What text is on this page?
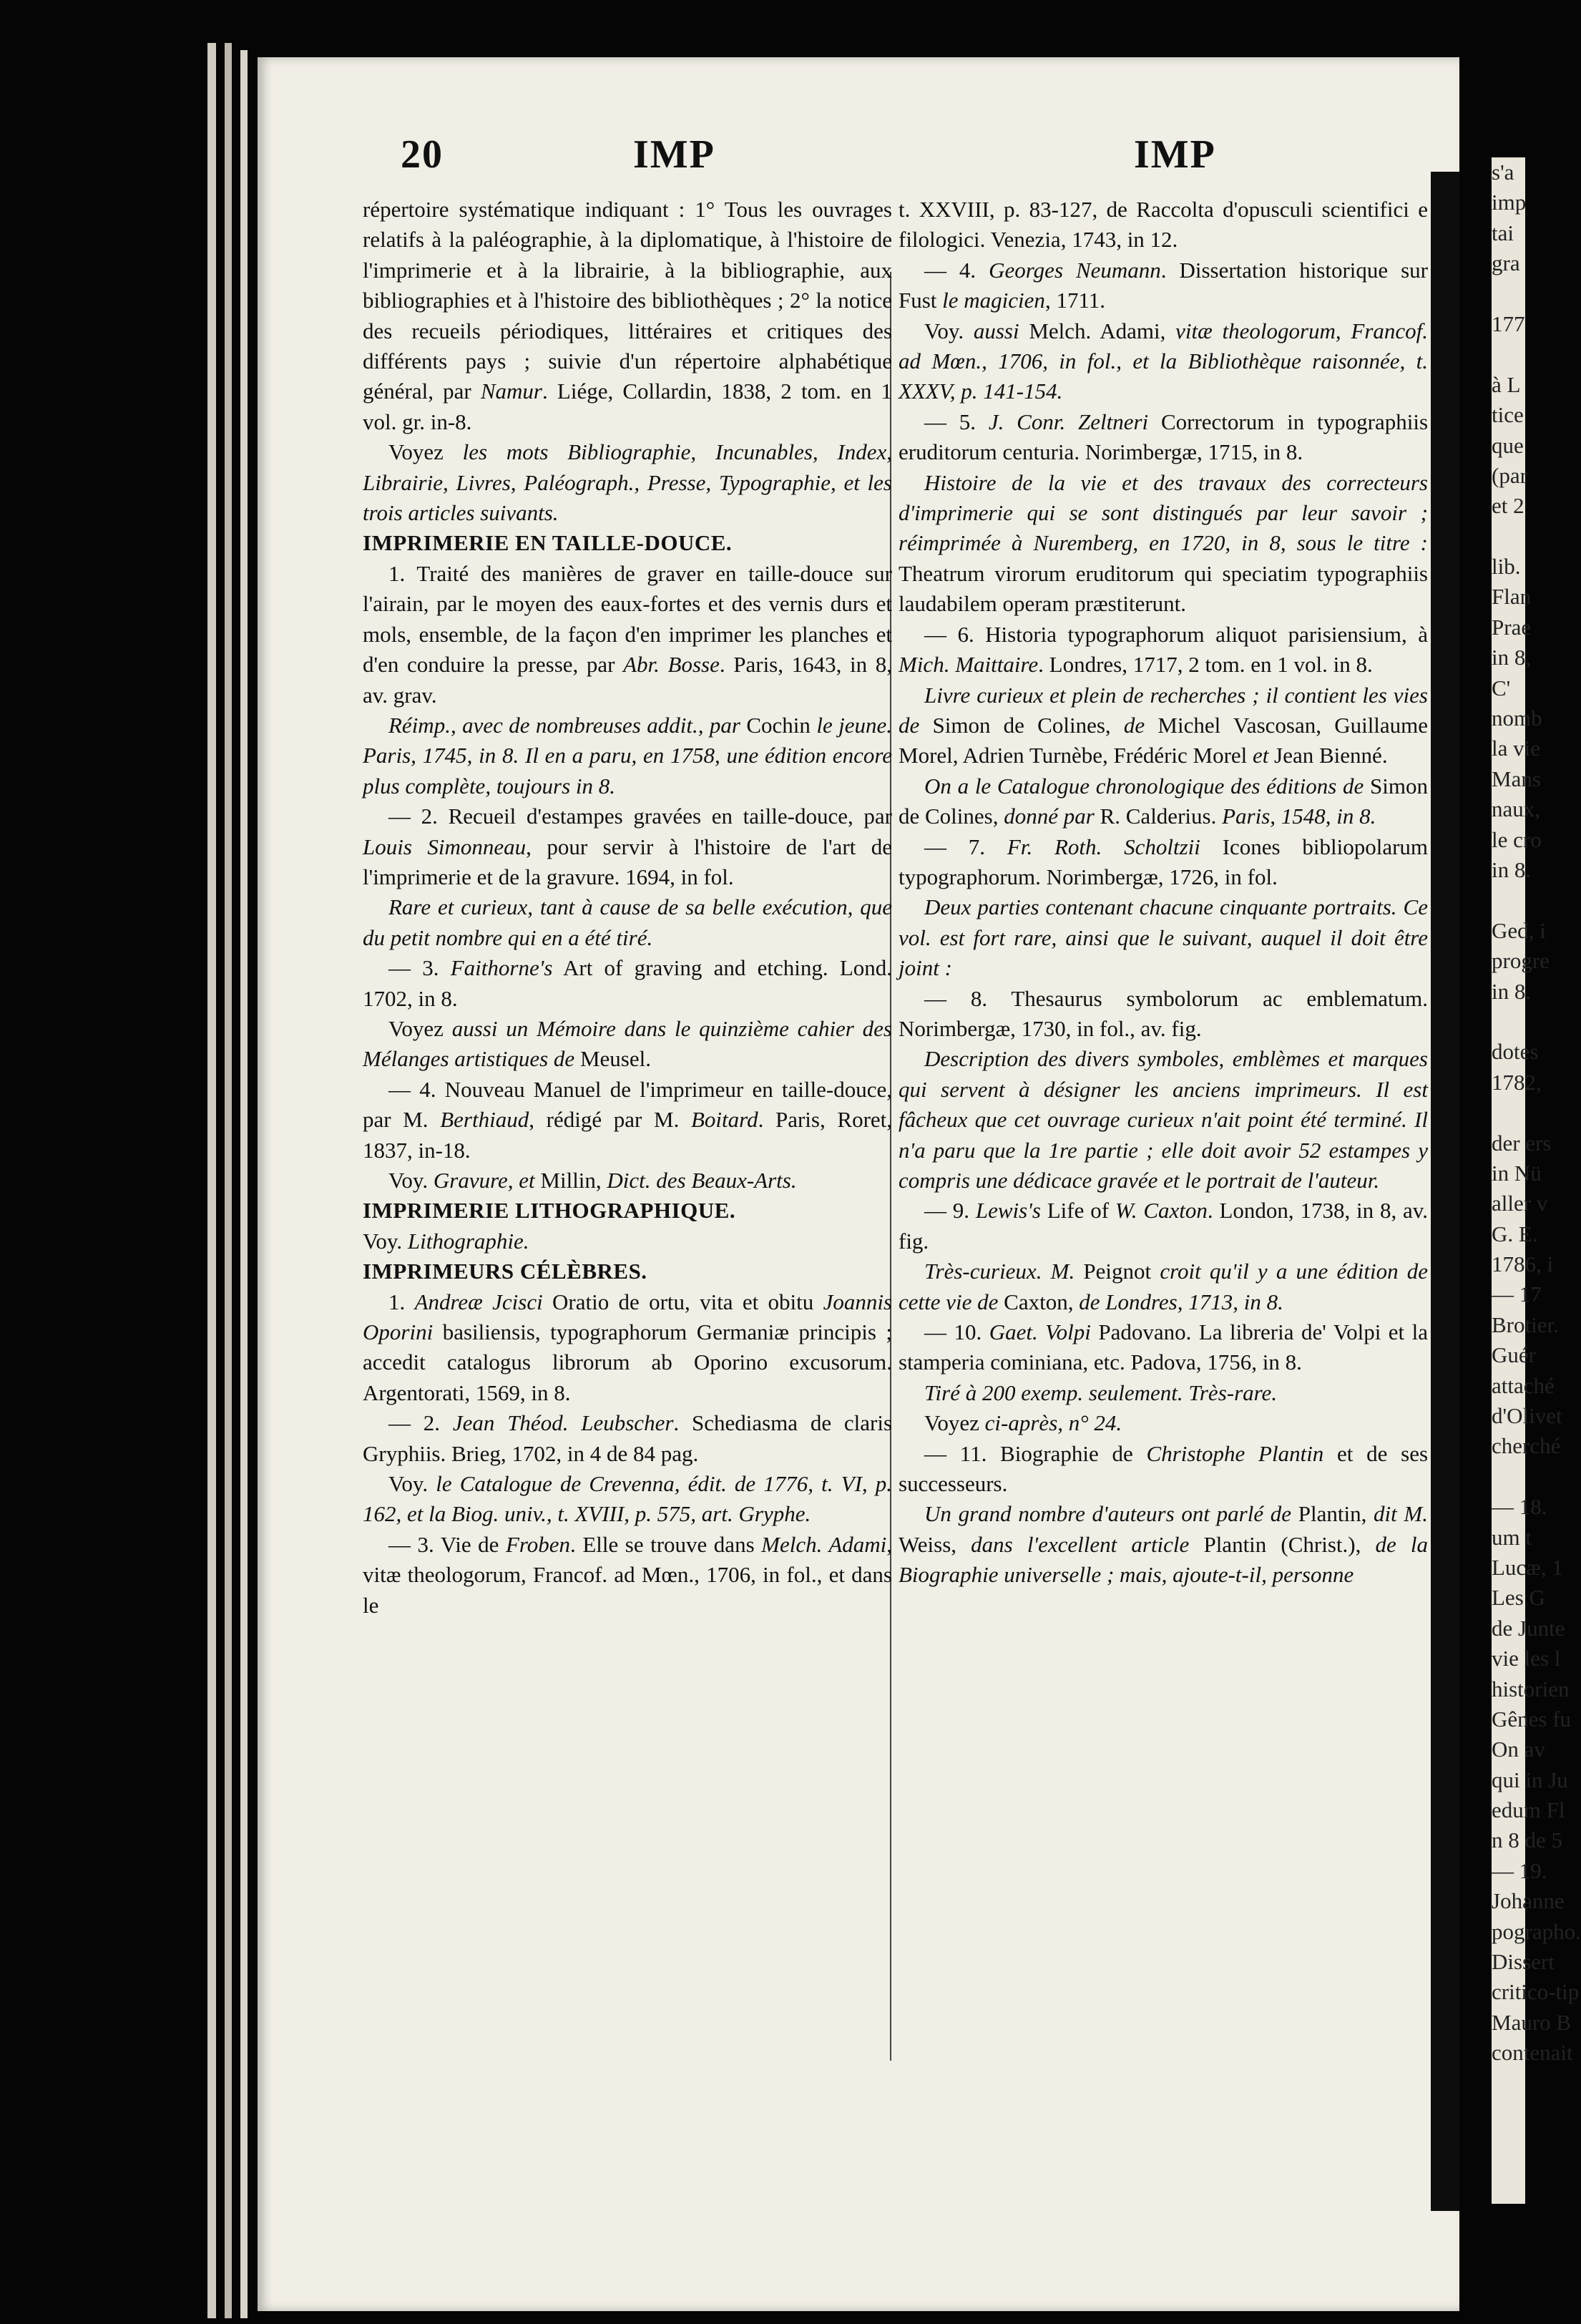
20	IMP	IMP

répertoire systématique indiquant : 1° Tous les ouvrages relatifs à la paléographie, à la diplomatique, à l'histoire de l'imprimerie et à la librairie, à la bibliographie, aux bibliographies et à l'histoire des bibliothèques ; 2° la notice des recueils périodiques, littéraires et critiques des différents pays ; suivie d'un répertoire alphabétique général, par Namur. Liége, Collardin, 1838, 2 tom. en 1 vol. gr. in-8.

Voyez les mots Bibliographie, Incunables, Index, Librairie, Livres, Paléograph., Presse, Typographie, et les trois articles suivants.

IMPRIMERIE EN TAILLE-DOUCE.

1. Traité des manières de graver en taille-douce sur l'airain, par le moyen des eaux-fortes et des vernis durs et mols, ensemble, de la façon d'en imprimer les planches et d'en conduire la presse, par Abr. Bosse. Paris, 1643, in 8, av. grav.

Réimp., avec de nombreuses addit., par Cochin le jeune. Paris, 1745, in 8. Il en a paru, en 1758, une édition encore plus complète, toujours in 8.

— 2. Recueil d'estampes gravées en taille-douce, par Louis Simonneau, pour servir à l'histoire de l'art de l'imprimerie et de la gravure. 1694, in fol.

Rare et curieux, tant à cause de sa belle exécution, que du petit nombre qui en a été tiré.

— 3. Faithorne's Art of graving and etching. Lond. 1702, in 8.

Voyez aussi un Mémoire dans le quinzième cahier des Mélanges artistiques de Meusel.

— 4. Nouveau Manuel de l'imprimeur en taille-douce, par M. Berthiaud, rédigé par M. Boitard. Paris, Roret, 1837, in-18.

Voy. Gravure, et Millin, Dict. des Beaux-Arts.

IMPRIMERIE LITHOGRAPHIQUE.

Voy. Lithographie.

IMPRIMEURS CÉLÈBRES.

1. Andreæ Jcisci Oratio de ortu, vita et obitu Joannis Oporini basiliensis, typographorum Germaniæ principis ; accedit catalogus librorum ab Oporino excusorum. Argentorati, 1569, in 8.

— 2. Jean Théod. Leubscher. Schediasma de claris Gryphiis. Brieg, 1702, in 4 de 84 pag.

Voy. le Catalogue de Crevenna, édit. de 1776, t. VI, p. 162, et la Biog. univ., t. XVIII, p. 575, art. Gryphe.

— 3. Vie de Froben. Elle se trouve dans Melch. Adami, vitæ theologorum, Francof. ad Mœn., 1706, in fol., et dans le

t. XXVIII, p. 83-127, de Raccolta d'opusculi scientifici e filologici. Venezia, 1743, in 12.

— 4. Georges Neumann. Dissertation historique sur Fust le magicien, 1711.

Voy. aussi Melch. Adami, vitæ theologorum, Francof. ad Mœn., 1706, in fol., et la Bibliothèque raisonnée, t. XXXV, p. 141-154.

— 5. J. Conr. Zeltneri Correctorum in typographiis eruditorum centuria. Norimbergæ, 1715, in 8.

Histoire de la vie et des travaux des correcteurs d'imprimerie qui se sont distingués par leur savoir ; réimprimée à Nuremberg, en 1720, in 8, sous le titre : Theatrum virorum eruditorum qui speciatim typographiis laudabilem operam præstiterunt.

— 6. Historia typographorum aliquot parisiensium, à Mich. Maittaire. Londres, 1717, 2 tom. en 1 vol. in 8.

Livre curieux et plein de recherches ; il contient les vies de Simon de Colines, de Michel Vascosan, Guillaume Morel, Adrien Turnèbe, Frédéric Morel et Jean Bienné.

On a le Catalogue chronologique des éditions de Simon de Colines, donné par R. Calderius. Paris, 1548, in 8.

— 7. Fr. Roth. Scholtzii Icones bibliopolarum typographorum. Norimbergæ, 1726, in fol.

Deux parties contenant chacune cinquante portraits. Ce vol. est fort rare, ainsi que le suivant, auquel il doit être joint :

— 8. Thesaurus symbolorum ac emblematum. Norimbergæ, 1730, in fol., av. fig.

Description des divers symboles, emblèmes et marques qui servent à désigner les anciens imprimeurs. Il est fâcheux que cet ouvrage curieux n'ait point été terminé. Il n'a paru que la 1re partie ; elle doit avoir 52 estampes y compris une dédicace gravée et le portrait de l'auteur.

— 9. Lewis's Life of W. Caxton. London, 1738, in 8, av. fig.

Très-curieux. M. Peignot croit qu'il y a une édition de cette vie de Caxton, de Londres, 1713, in 8.

— 10. Gaet. Volpi Padovano. La libreria de' Volpi et la stamperia cominiana, etc. Padova, 1756, in 8.

Tiré à 200 exemp. seulement. Très-rare.

Voyez ci-après, n° 24.

— 11. Biographie de Christophe Plantin et de ses successeurs.

Un grand nombre d'auteurs ont parlé de Plantin, dit M. Weiss, dans l'excellent article Plantin (Christ.), de la Biographie universelle ; mais, ajoute-t-il, personne

s'a
imp
tai
gra
177
à L
tice
que
(par
et 2
lib.
Flan
Prae
in 8,
C'
nomb
la vie
Mans
naux,
le cro
in 8.
Ged, i
progre
in 8.
dotes
1782,
der ers
in Nü
aller v
G. E.
1786, i
— 17
Brotier.
Guér
attaché
d'Olivet
cherché
— 18.
um t
Lucæ, 1
Les G
de Junte
vie les l
historien
Gênes fu
On av
qui in Ju
edum Fl
n 8 de 5
— 19.
Johanne
pographo.
Dissert
critico-tip
Mauro B
contenait
